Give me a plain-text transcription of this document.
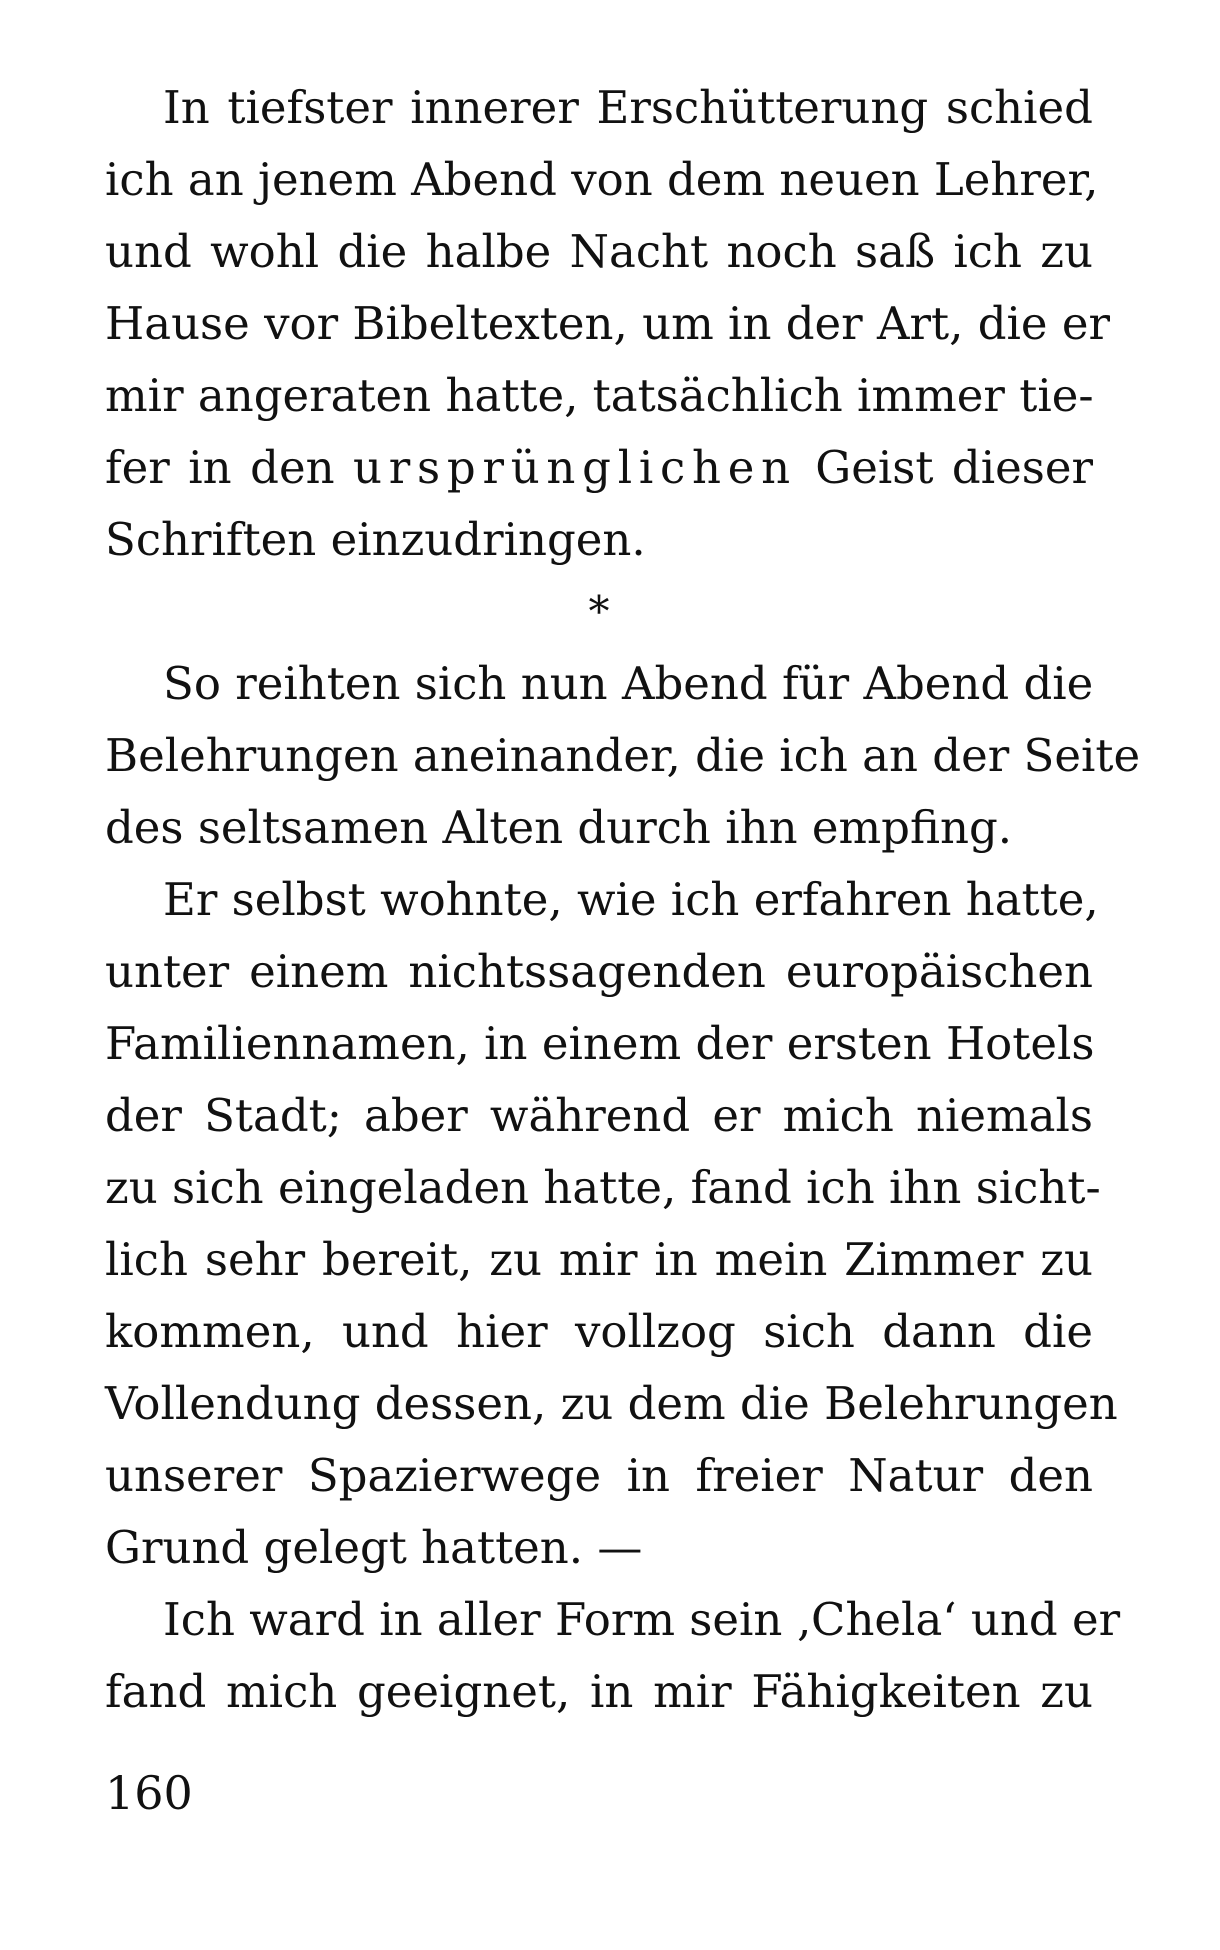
In tiefster innerer Erschütterung schied
ich an jenem Abend von dem neuen Lehrer,
und wohl die halbe Nacht noch saß ich zu
Hause vor Bibeltexten, um in der Art, die er
mir angeraten hatte, tatsächlich immer tie-
fer in den ursprünglichen Geist dieser
Schriften einzudringen.
*
So reihten sich nun Abend für Abend die
Belehrungen aneinander, die ich an der Seite
des seltsamen Alten durch ihn empfing.
Er selbst wohnte, wie ich erfahren hatte,
unter einem nichtssagenden europäischen
Familiennamen, in einem der ersten Hotels
der Stadt; aber während er mich niemals
zu sich eingeladen hatte, fand ich ihn sicht-
lich sehr bereit, zu mir in mein Zimmer zu
kommen, und hier vollzog sich dann die
Vollendung dessen, zu dem die Belehrungen
unserer Spazierwege in freier Natur den
Grund gelegt hatten. —
Ich ward in aller Form sein ‚Chela‘ und er
fand mich geeignet, in mir Fähigkeiten zu
160
